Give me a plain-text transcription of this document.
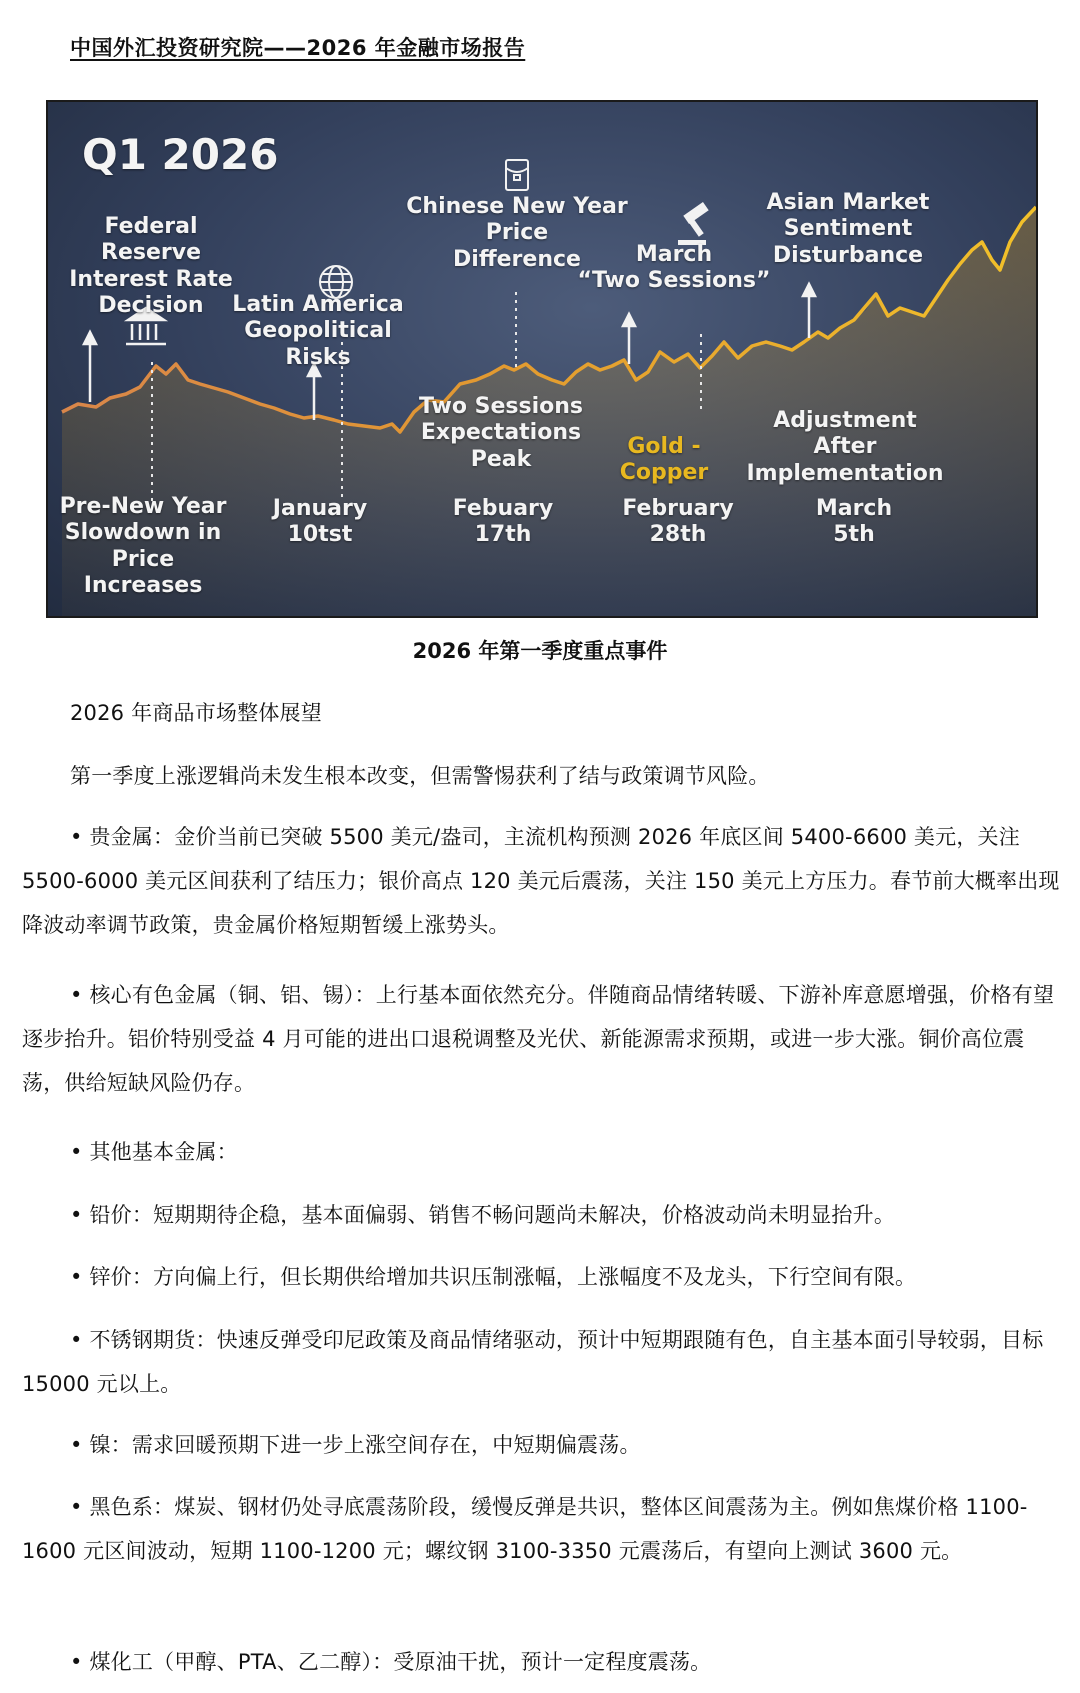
中国外汇投资研究院——2026 年金融市场报告
Q1 2026
Federal Reserve
Interest Rate
Decision	Latin America
Geopolitical Risks
Chinese New Year
Price
Difference	March
“Two Sessions”
Asian Market
Sentiment
Disturbance
Two Sessions
Expectations
Peak
Gold - Copper
Adjustment After
Implementation
Pre-New Year
Slowdown in
Price Increases
January
10tst
Febuary
17th
February
28th
March
5th
2026 年第一季度重点事件
2026 年商品市场整体展望
第一季度上涨逻辑尚未发生根本改变，但需警惕获利了结与政策调节风险。
• 贵金属：金价当前已突破 5500 美元/盎司，主流机构预测 2026 年底区间 5400-6600 美元，关注 5500-6000 美元区间获利了结压力；银价高点 120 美元后震荡，关注 150 美元上方压力。春节前大概率出现降波动率调节政策，贵金属价格短期暂缓上涨势头。
• 核心有色金属（铜、铝、锡）：上行基本面依然充分。伴随商品情绪转暖、下游补库意愿增强，价格有望逐步抬升。铝价特别受益 4 月可能的进出口退税调整及光伏、新能源需求预期，或进一步大涨。铜价高位震荡，供给短缺风险仍存。
• 其他基本金属：
• 铅价：短期期待企稳，基本面偏弱、销售不畅问题尚未解决，价格波动尚未明显抬升。
• 锌价：方向偏上行，但长期供给增加共识压制涨幅，上涨幅度不及龙头，下行空间有限。
• 不锈钢期货：快速反弹受印尼政策及商品情绪驱动，预计中短期跟随有色，自主基本面引导较弱，目标 15000 元以上。
• 镍：需求回暖预期下进一步上涨空间存在，中短期偏震荡。
• 黑色系：煤炭、钢材仍处寻底震荡阶段，缓慢反弹是共识，整体区间震荡为主。例如焦煤价格 1100-1600 元区间波动，短期 1100-1200 元；螺纹钢 3100-3350 元震荡后，有望向上测试 3600 元。
• 煤化工（甲醇、PTA、乙二醇）：受原油干扰，预计一定程度震荡。
